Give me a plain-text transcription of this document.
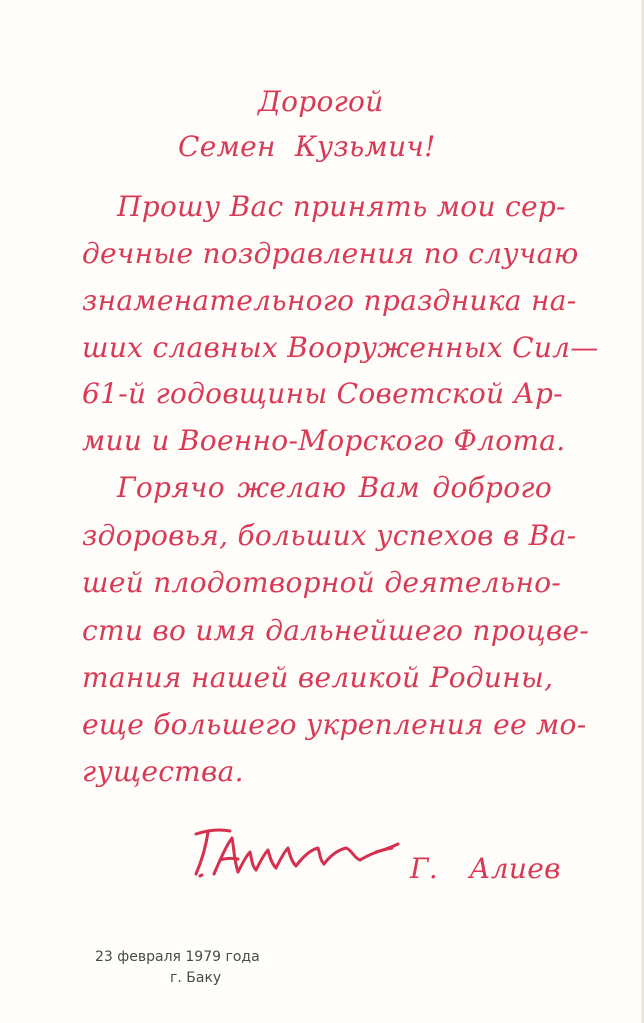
Дорогой
Семен Кузьмич!
Прошу Вас принять мои сер-
дечные поздравления по случаю
знаменательного праздника на-
ших славных Вооруженных Сил—
61-й годовщины Советской Ар-
мии и Военно-Морского Флота.
Горячо желаю Вам доброго
здоровья, больших успехов в Ва-
шей плодотворной деятельно-
сти во имя дальнейшего процве-
тания нашей великой Родины,
еще большего укрепления ее мо-
гущества.
Г. Алиев
23 февраля 1979 года
г. Баку
